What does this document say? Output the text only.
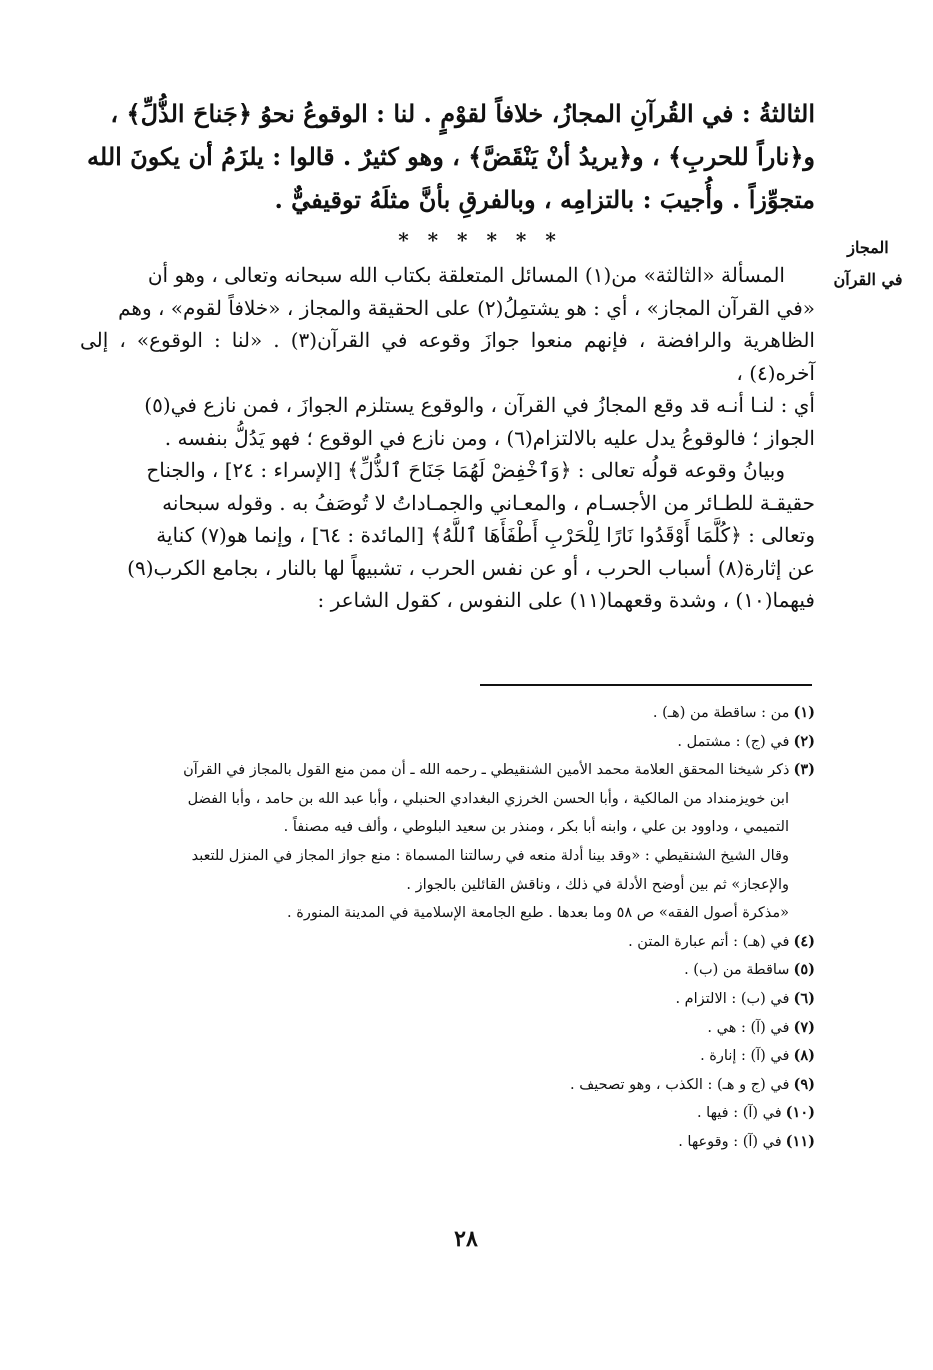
الثالثةُ : في القُرآنِ المجازُ، خلافاً لقوْمٍ . لنا : الوقوعُ نحوُ ﴿جَناحَ الذُّلِّ﴾ ،

و﴿ناراً للحربِ﴾ ، و﴿يريدُ أنْ يَنْقَضَّ﴾ ، وهو كثيرٌ . قالوا : يلزَمُ أن يكونَ الله

متجوِّزاً . وأُجيبَ : بالتزامِه ، وبالفرقِ بأنَّ مثلَهُ توقيفيٌّ .

* * * * * *	المجاز
في القرآن

المسألة «الثالثة» من(١) المسائل المتعلقة بكتاب الله سبحانه وتعالى ، وهو أن

«في القرآن المجاز» ، أي : هو يشتمِلُ(٢) على الحقيقة والمجاز ، «خلافاً لقوم» ، وهم

الظاهرية والرافضة ، فإنهم منعوا جوازَ وقوعه في القرآن(٣) . «لنا : الوقوع» ، إلى آخره(٤) ،

أي : لنـا أنـه قد وقع المجازُ في القرآن ، والوقوع يستلزم الجوازَ ، فمن نازع في(٥)

الجواز ؛ فالوقوعُ يدل عليه بالالتزام(٦) ، ومن نازع في الوقوع ؛ فهو يَدُلُّ بنفسه .

وبيانُ وقوعه قولُه تعالى : ﴿وَٱخْفِضْ لَهُمَا جَنَاحَ ٱلذُّلِّ﴾ [الإسراء : ٢٤] ، والجناح

حقيقـة للطـائر من الأجسـام ، والمعـاني والجمـاداتُ لا تُوصَفُ به . وقوله سبحانه

وتعالى : ﴿كُلَّمَا أَوْقَدُوا نَارًا لِلْحَرْبِ أَطْفَأَهَا ٱللَّهُ﴾ [المائدة : ٦٤] ، وإنما هو(٧) كناية

عن إثارة(٨) أسباب الحرب ، أو عن نفس الحرب ، تشبيهاً لها بالنار ، بجامع الكرب(٩)

فيهما(١٠) ، وشدة وقعهما(١١) على النفوس ، كقول الشاعر :

(١)من : ساقطة من (هـ) .

(٢)في (ج) : مشتمل .

(٣)ذكر شيخنا المحقق العلامة محمد الأمين الشنقيطي ـ رحمه الله ـ أن ممن منع القول بالمجاز في القرآن

ابن خويزمنداد من المالكية ، وأبا الحسن الخرزي البغدادي الحنبلي ، وأبا عبد الله بن حامد ، وأبا الفضل

التميمي ، وداوود بن علي ، وابنه أبا بكر ، ومنذر بن سعيد البلوطي ، وألف فيه مصنفاً .

وقال الشيخ الشنقيطي : «وقد بينا أدلة منعه في رسالتنا المسماة : منع جواز المجاز في المنزل للتعبد

والإعجاز» ثم بين أوضح الأدلة في ذلك ، وناقش القائلين بالجواز .

«مذكرة أصول الفقه» ص ٥٨ وما بعدها . طبع الجامعة الإسلامية في المدينة المنورة .

(٤)في (هـ) : أتم عبارة المتن .

(٥)ساقطة من (ب) .

(٦)في (ب) : الالتزام .

(٧)في (آ) : هي .

(٨)في (آ) : إنارة .

(٩)في (ج و هـ) : الكذب ، وهو تصحيف .

(١٠)في (آ) : فيها .

(١١)في (آ) : وقوعها .

٢٨
